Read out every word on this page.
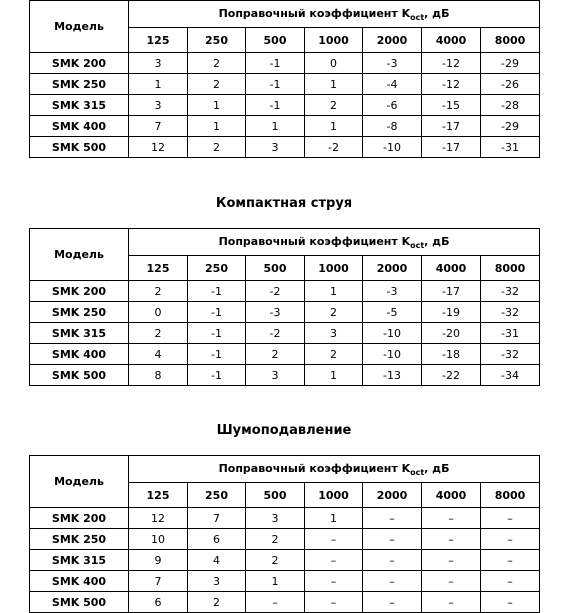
Модель	Поправочный коэффициент $K_{oct}$, дБ						
	125	250	500	1000	2000	4000	8000
SMK 200	3	2	-1	0	-3	-12	-29
SMK 250	1	2	-1	1	-4	-12	-26
SMK 315	3	1	-1	2	-6	-15	-28
SMK 400	7	1	1	1	-8	-17	-29
SMK 500	12	2	3	-2	-10	-17	-31
Компактная струя
Модель	Поправочный коэффициент $K_{oct}$, дБ						
	125	250	500	1000	2000	4000	8000
SMK 200	2	-1	-2	1	-3	-17	-32
SMK 250	0	-1	-3	2	-5	-19	-32
SMK 315	2	-1	-2	3	-10	-20	-31
SMK 400	4	-1	2	2	-10	-18	-32
SMK 500	8	-1	3	1	-13	-22	-34
Шумоподавление
Модель	Поправочный коэффициент $K_{oct}$, дБ						
	125	250	500	1000	2000	4000	8000
SMK 200	12	7	3	1	–	–	–
SMK 250	10	6	2	–	–	–	–
SMK 315	9	4	2	–	–	–	–
SMK 400	7	3	1	–	–	–	–
SMK 500	6	2	–	–	–	–	–
